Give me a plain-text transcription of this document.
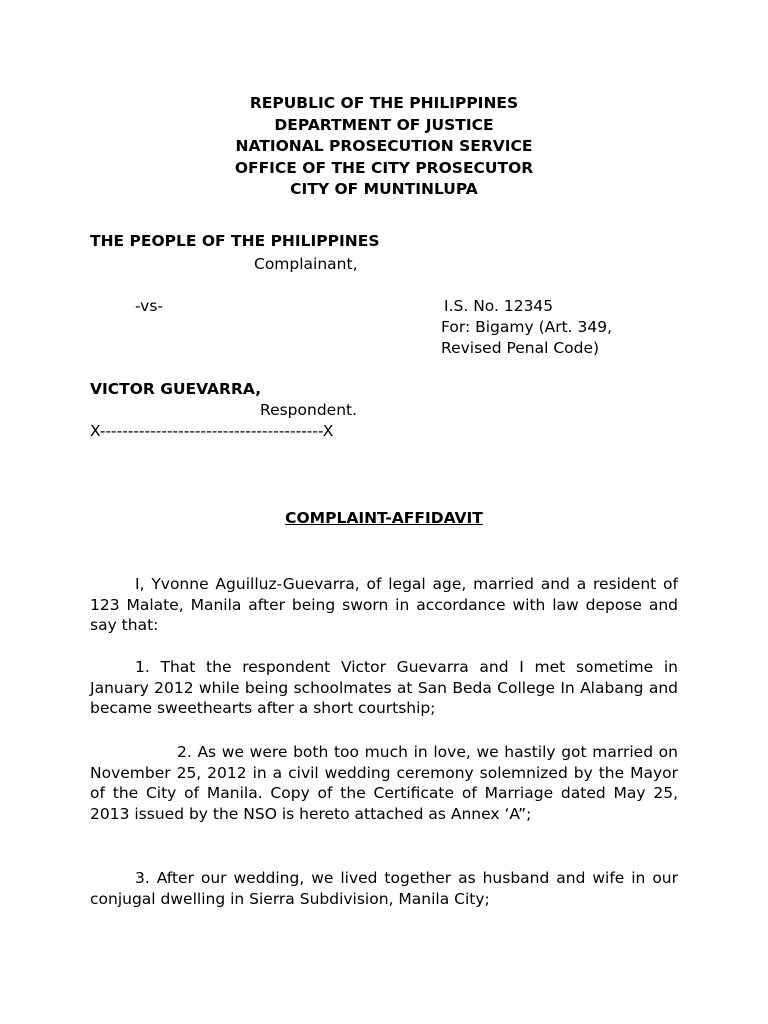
REPUBLIC OF THE PHILIPPINES
DEPARTMENT OF JUSTICE
NATIONAL PROSECUTION SERVICE
OFFICE OF THE CITY PROSECUTOR
CITY OF MUNTINLUPA
THE PEOPLE OF THE PHILIPPINES
Complainant,
-vs-	I.S. No. 12345
For: Bigamy (Art. 349,
Revised Penal Code)
VICTOR GUEVARRA,
Respondent.
X----------------------------------------X
COMPLAINT-AFFIDAVIT
I, Yvonne Aguilluz-Guevarra, of legal age, married and a resident of 123 Malate, Manila after being sworn in accordance with law depose and say that:
1. That the respondent Victor Guevarra and I met sometime in January 2012 while being schoolmates at San Beda College In Alabang and became sweethearts after a short courtship;
2. As we were both too much in love, we hastily got married on November 25, 2012 in a civil wedding ceremony solemnized by the Mayor of the City of Manila. Copy of the Certificate of Marriage dated May 25, 2013 issued by the NSO is hereto attached as Annex ‘A”;
3. After our wedding, we lived together as husband and wife in our conjugal dwelling in Sierra Subdivision, Manila City;
